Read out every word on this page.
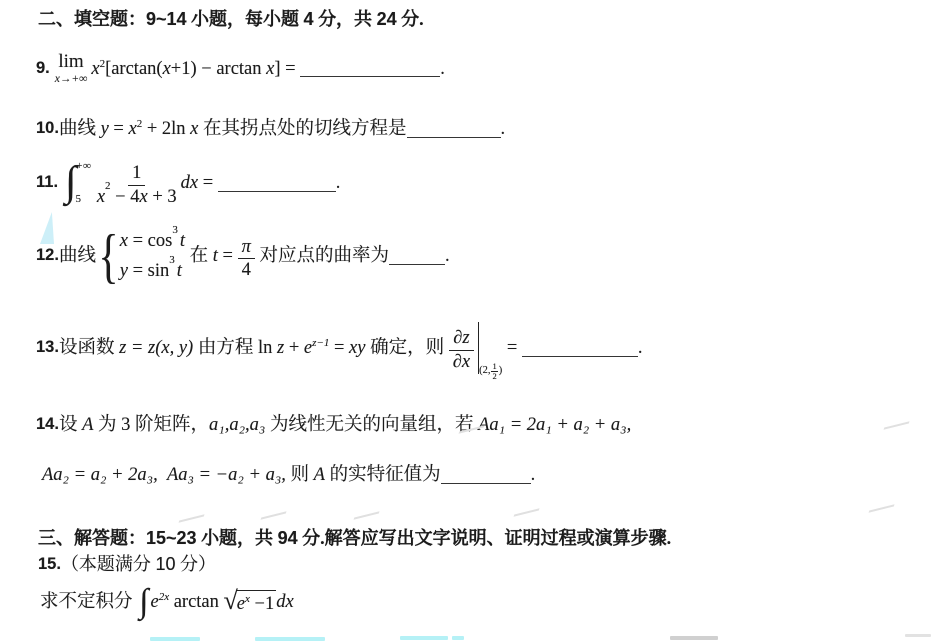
二、填空题： 9~14 小题，每小题 4 分，共 24 分.
9. lim
x→+∞
$x^2[\arctan(x+1) - \arctan x]$ =	.
10. 曲线 $y = x^2 + 2\ln$ x 在其拐点处的切线方程是	.
11. ∫ +∞
5 1
x
2
− 4 x + 3 dx =	.
12. 曲线 { x = cos
3
t
y = sin
3
t
在 $t = \frac{\pi}{4}$ 对应点的曲率为	.
13. 设函数 z = z(x, y) 由方程 $\ln z + e^{z-1}$ = xy 确定，则 $\frac{\partial z}{\partial x} (2$, 1
2 )
=	.
14. 设 A 为 3 阶矩阵，a₁,a₂,a₃ 为线性无关的向量组，若 Aa₁ = 2a₁ + a₂ + a₃,
Aa₂ = a₂ + 2a₃, Aa₃ = −a₂ + a₃, 则 A 的实特征值为	.
三、解答题： 15~23 小题，共 94 分.解答应写出文字说明、证明过程或演算步骤.
15. （本题满分 10 分）
求不定积分 ∫ $e^{2x}$ arctan √ $e^x -1$ dx
